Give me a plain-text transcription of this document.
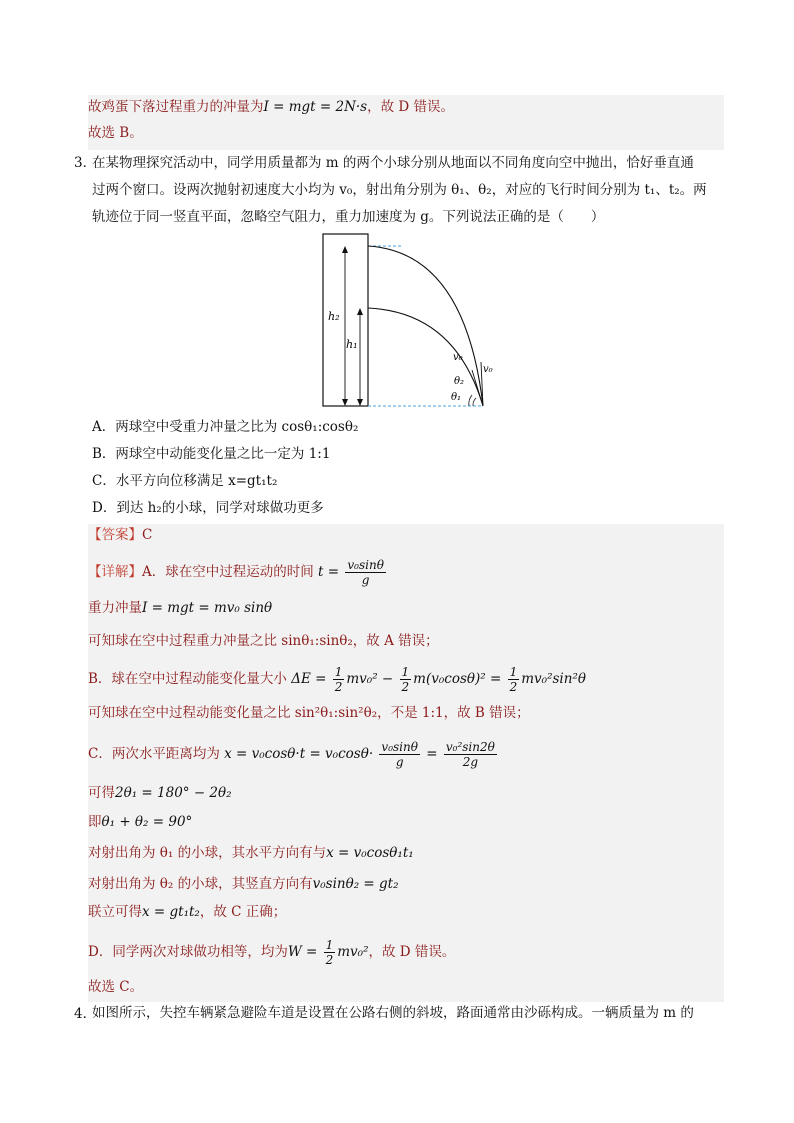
故鸡蛋下落过程重力的冲量为I = mgt = 2N·s，故 D 错误。
故选 B。
3．
在某物理探究活动中，同学用质量都为 m 的两个小球分别从地面以不同角度向空中抛出，恰好垂直通
过两个窗口。设两次抛射初速度大小均为 v₀，射出角分别为 θ₁、θ₂，对应的飞行时间分别为 t₁、t₂。两
轨迹位于同一竖直平面，忽略空气阻力，重力加速度为 g。下列说法正确的是（　　）
h₂
h₁
v₀
v₀
θ₂
θ₁
A．两球空中受重力冲量之比为 cosθ₁:cosθ₂
B．两球空中动能变化量之比一定为 1:1
C．水平方向位移满足 x=gt₁t₂
D．到达 h₂的小球，同学对球做功更多
【答案】C
【详解】A．球在空中过程运动的时间 $t = \frac{\text{v₀sinθ}}{g}$
重力冲量I = mgt = mv₀ sinθ
可知球在空中过程重力冲量之比 sinθ₁:sinθ₂，故 A 错误；
B．球在空中过程动能变化量大小 $\Delta E = \frac{1}{2} mv_0^2 - \frac{1}{2} m(v_0\cos\theta)^2 = \frac{1}{2} mv_0^2\sin^2\theta$
可知球在空中过程动能变化量之比 sin²θ₁:sin²θ₂，不是 1:1，故 B 错误；
C．两次水平距离均为 $x = v_0\cos\theta\cdot t = v_0\cos\theta\cdot \frac{\text{v₀sinθ}}{g} = \frac{\text{v₀²sin2θ}}{2g}$
可得2θ₁ = 180° − 2θ₂
即θ₁ + θ₂ = 90°
对射出角为 θ₁ 的小球，其水平方向有与x = v₀cosθ₁t₁
对射出角为 θ₂ 的小球，其竖直方向有v₀sinθ₂ = gt₂
联立可得x = gt₁t₂，故 C 正确；
D．同学两次对球做功相等，均为$W = \frac{1}{2} mv_0^2$，故 D 错误。
故选 C。
4．
如图所示，失控车辆紧急避险车道是设置在公路右侧的斜坡，路面通常由沙砾构成。一辆质量为 m 的
